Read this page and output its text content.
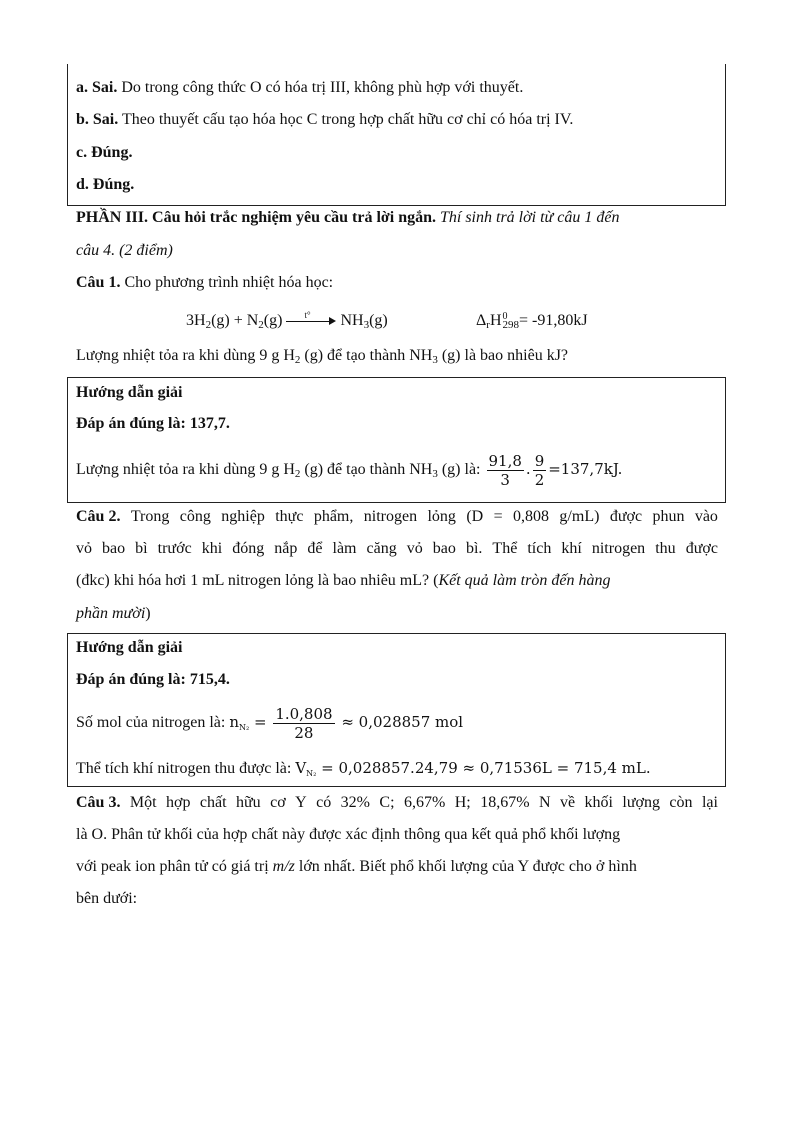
a. Sai. Do trong công thức O có hóa trị III, không phù hợp với thuyết.
b. Sai. Theo thuyết cấu tạo hóa học C trong hợp chất hữu cơ chỉ có hóa trị IV.
c. Đúng.
d. Đúng.
PHẦN III. Câu hỏi trắc nghiệm yêu cầu trả lời ngắn. Thí sinh trả lời từ câu 1 đến
câu 4. (2 điểm)
Câu 1. Cho phương trình nhiệt hóa học:
$3H_2(g) + N_2(g)$ t° $NH_3(g)$	$\Delta_rH^0_{298}= -91,80kJ$
Lượng nhiệt tỏa ra khi dùng 9 g $H_2$ (g) để tạo thành $NH_3$ (g) là bao nhiêu kJ?
Hướng dẫn giải
Đáp án đúng là: 137,7.
Lượng nhiệt tỏa ra khi dùng 9 g $H_2$ (g) để tạo thành $NH_3$ (g) là: $\frac{91,8}{3}$ . $\frac{9}{2} =137,7kJ$.
Câu 2. Trong công nghiệp thực phẩm, nitrogen lỏng (D = 0,808 g/mL) được phun vào
vỏ bao bì trước khi đóng nắp để làm căng vỏ bao bì. Thể tích khí nitrogen thu được
(đkc) khi hóa hơi 1 mL nitrogen lỏng là bao nhiêu mL? (Kết quả làm tròn đến hàng
phần mười)
Hướng dẫn giải
Đáp án đúng là: 715,4.
Số mol của nitrogen là: $n_{N_2} = \frac{1.0,808}{28} \approx 0,028857$ mol
Thể tích khí nitrogen thu được là: $V_{N_2} = 0,028857.24,79 \approx 0,71536L = 715,4$ mL.
Câu 3. Một hợp chất hữu cơ Y có 32% C; 6,67% H; 18,67% N về khối lượng còn lại
là O. Phân tử khối của hợp chất này được xác định thông qua kết quả phổ khối lượng
với peak ion phân tử có giá trị m/z lớn nhất. Biết phổ khối lượng của Y được cho ở hình
bên dưới:
